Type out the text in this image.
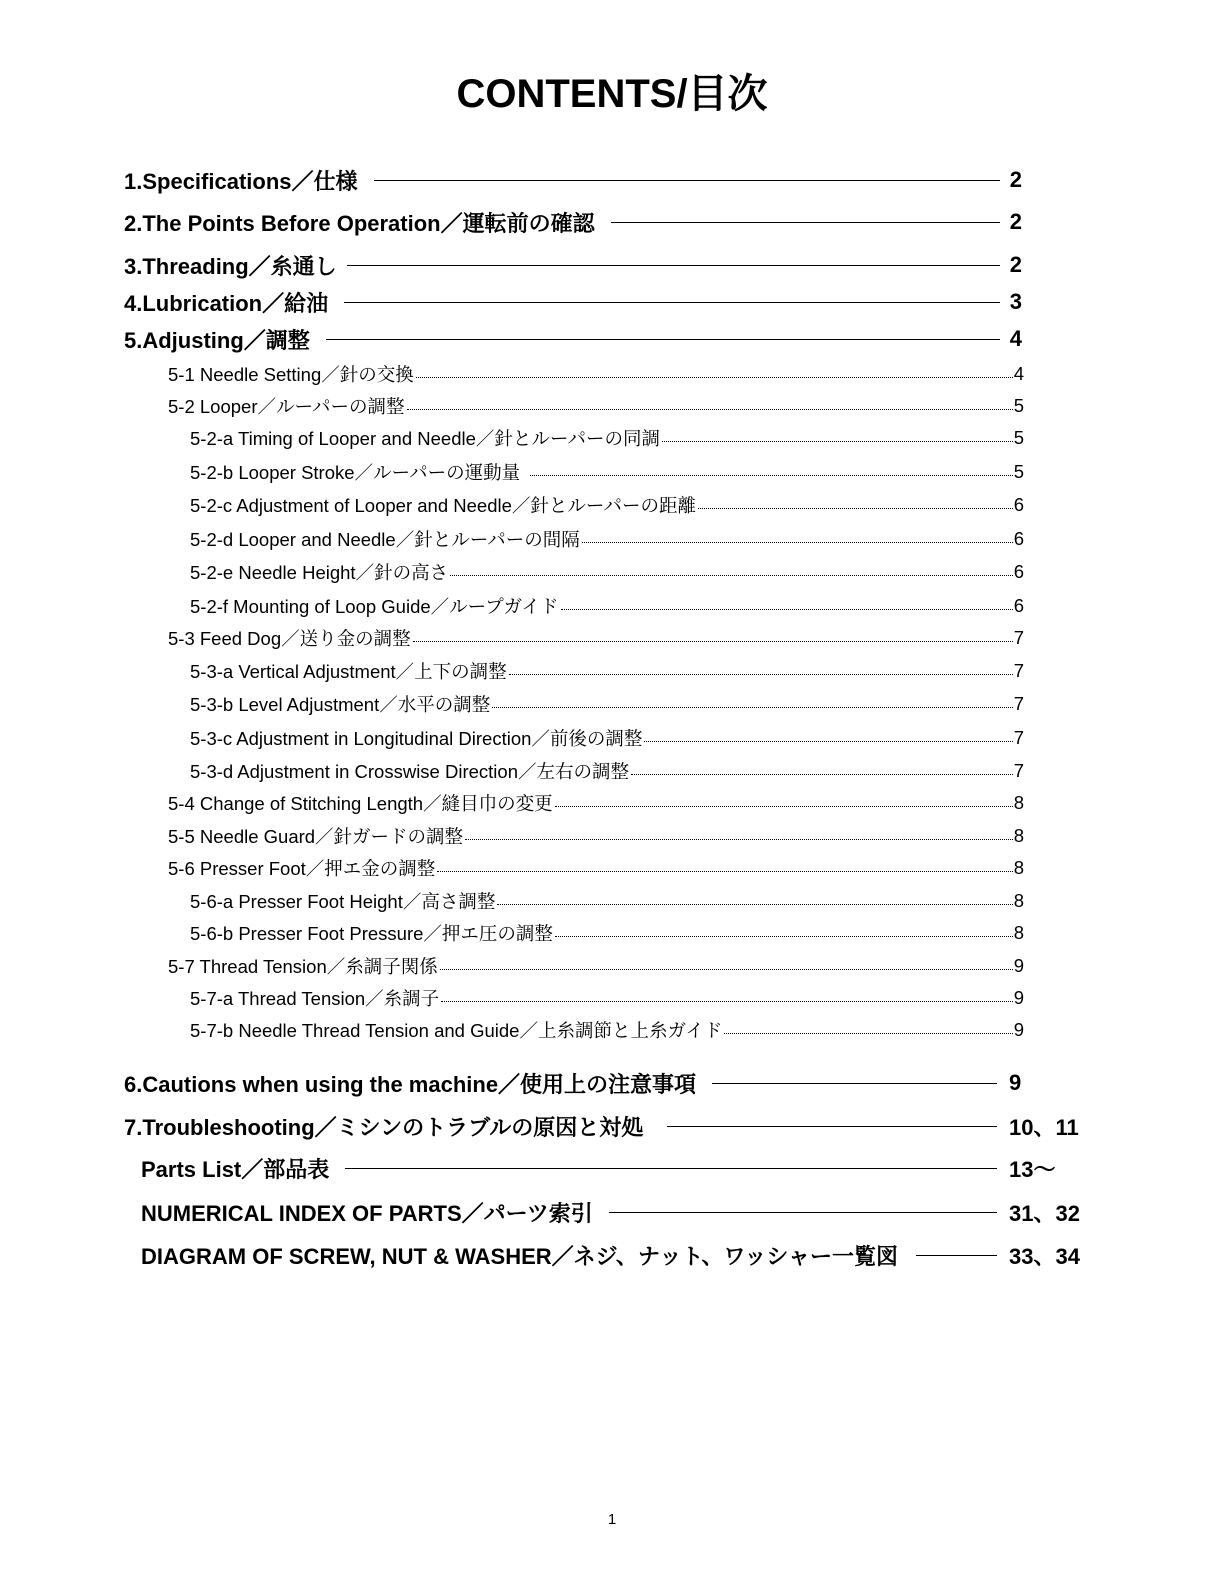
CONTENTS/目次
1.Specifications／仕様	2
2.The Points Before Operation／運転前の確認	2
3.Threading／糸通し	2
4.Lubrication／給油	3
5.Adjusting／調整	4
5-1 Needle Setting／針の交換	4
5-2 Looper／ルーパーの調整	5
5-2-a Timing of Looper and Needle／針とルーパーの同調	5
5-2-b Looper Stroke／ルーパーの運動量	5
5-2-c Adjustment of Looper and Needle／針とルーパーの距離	6
5-2-d Looper and Needle／針とルーパーの間隔	6
5-2-e Needle Height／針の高さ	6
5-2-f Mounting of Loop Guide／ループガイド	6
5-3 Feed Dog／送り金の調整	7
5-3-a Vertical Adjustment／上下の調整	7
5-3-b Level Adjustment／水平の調整	7
5-3-c Adjustment in Longitudinal Direction／前後の調整	7
5-3-d Adjustment in Crosswise Direction／左右の調整	7
5-4 Change of Stitching Length／縫目巾の変更	8
5-5 Needle Guard／針ガードの調整	8
5-6 Presser Foot／押エ金の調整	8
5-6-a Presser Foot Height／高さ調整	8
5-6-b Presser Foot Pressure／押エ圧の調整	8
5-7 Thread Tension／糸調子関係	9
5-7-a Thread Tension／糸調子	9
5-7-b Needle Thread Tension and Guide／上糸調節と上糸ガイド	9
6.Cautions when using the machine／使用上の注意事項	9
7.Troubleshooting／ミシンのトラブルの原因と対処	10、11
Parts List／部品表	13～
NUMERICAL INDEX OF PARTS／パーツ索引	31、32
DIAGRAM OF SCREW, NUT & WASHER／ネジ、ナット、ワッシャー一覧図	33、34
1
